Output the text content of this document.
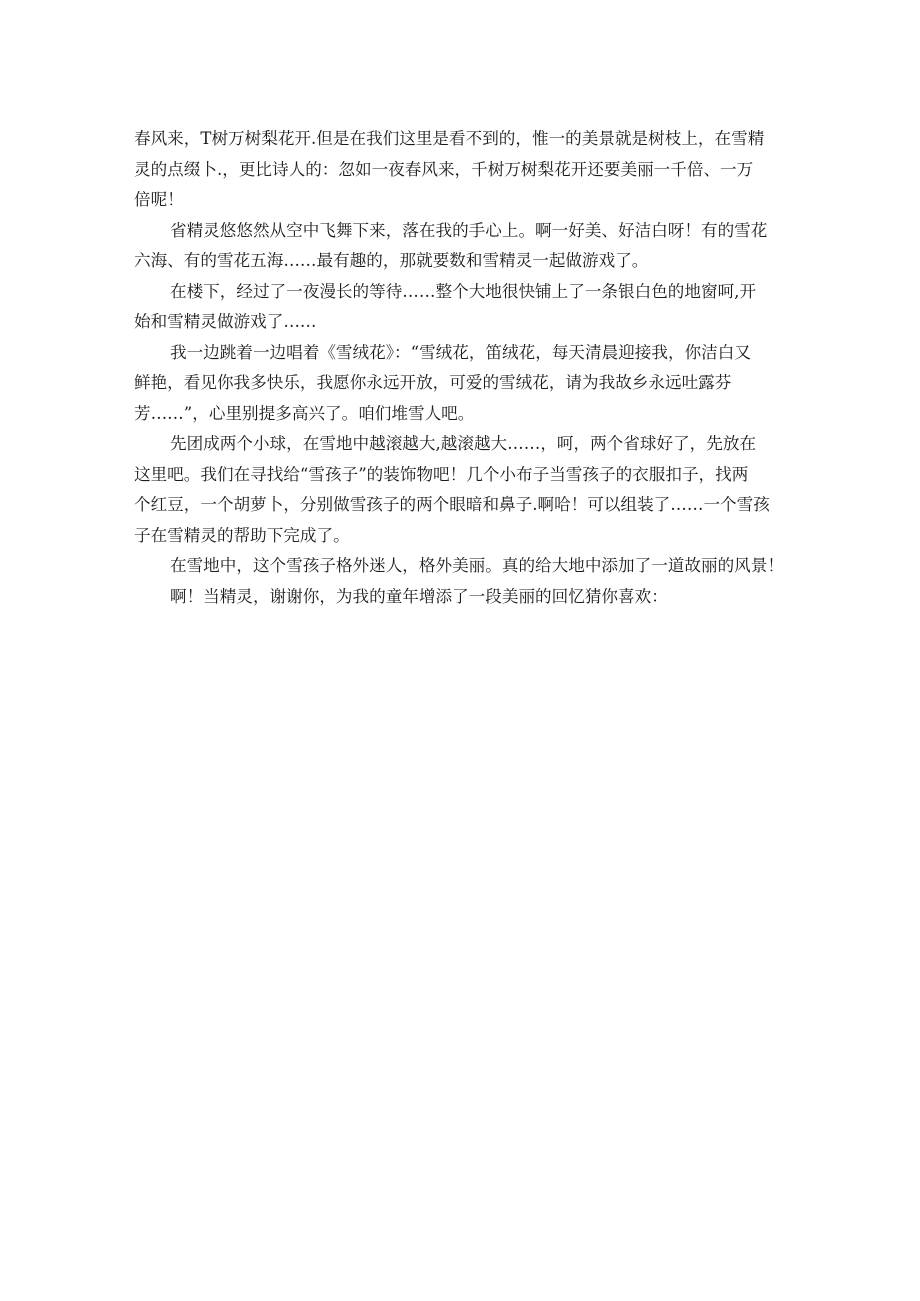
春风来，T树万树梨花开.但是在我们这里是看不到的，惟一的美景就是树枝上，在雪精
灵的点缀卜.，更比诗人的：忽如一夜春风来，千树万树梨花开还要美丽一千倍、一万
倍呢！

省精灵悠悠然从空中飞舞下来，落在我的手心上。啊一好美、好洁白呀！有的雪花
六海、有的雪花五海……最有趣的，那就要数和雪精灵一起做游戏了。

在楼下，经过了一夜漫长的等待……整个大地很快铺上了一条银白色的地窗呵,开
始和雪精灵做游戏了……

我一边跳着一边唱着《雪绒花》：“雪绒花，笛绒花，每天清晨迎接我，你洁白又
鲜艳，看见你我多快乐，我愿你永远开放，可爱的雪绒花，请为我故乡永远吐露芬
芳……”，心里别提多高兴了。咱们堆雪人吧。

先团成两个小球，在雪地中越滚越大,越滚越大……，呵，两个省球好了，先放在
这里吧。我们在寻找给“雪孩子”的装饰物吧！几个小布子当雪孩子的衣服扣子，找两
个红豆，一个胡萝卜，分别做雪孩子的两个眼暗和鼻子.啊哈！可以组装了……一个雪孩
子在雪精灵的帮助下完成了。

在雪地中，这个雪孩子格外迷人，格外美丽。真的给大地中添加了一道故丽的风景！

啊！当精灵，谢谢你，为我的童年增添了一段美丽的回忆猜你喜欢：
